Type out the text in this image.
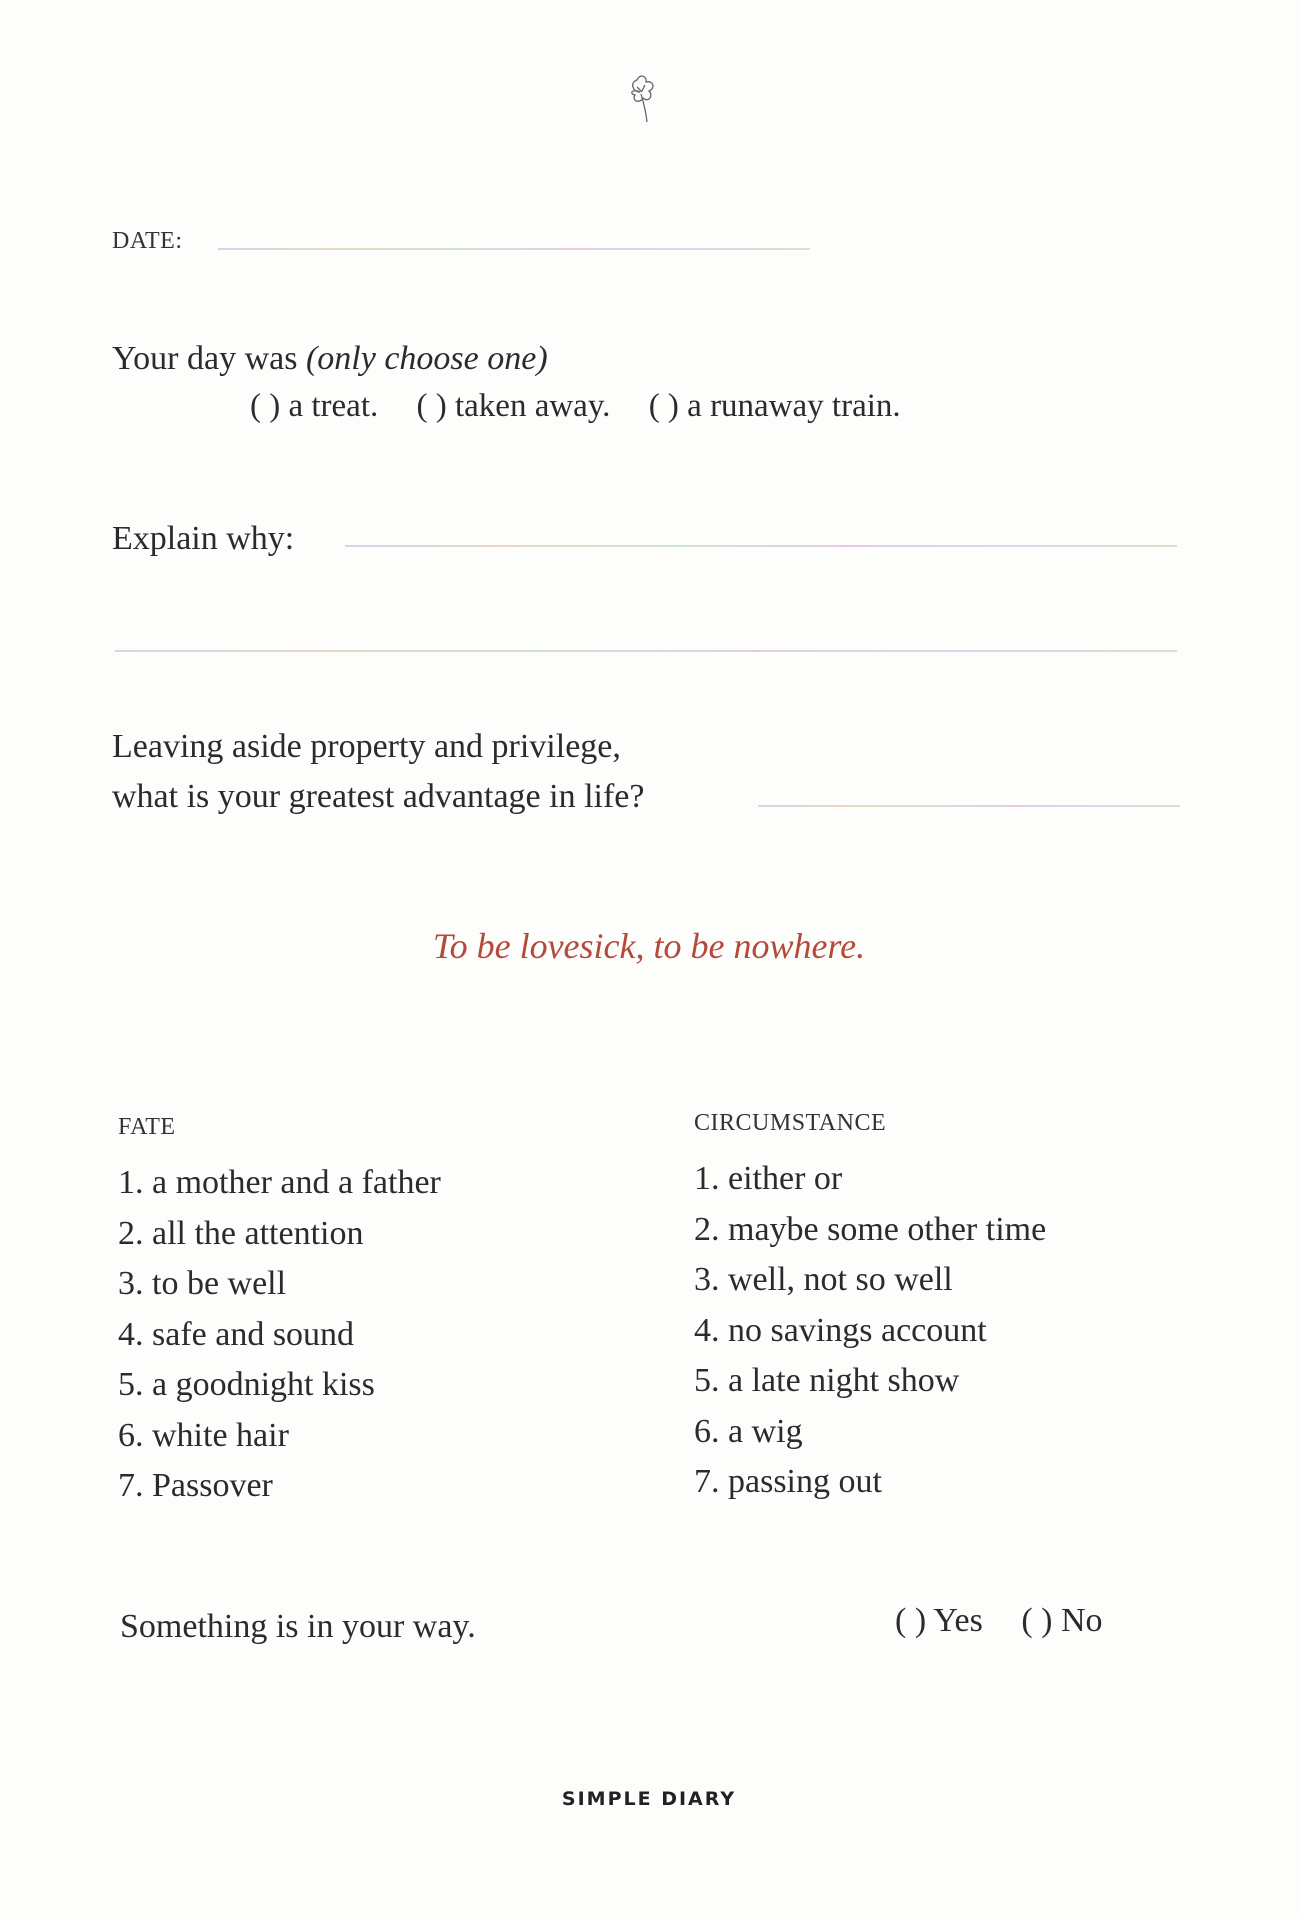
DATE:
Your day was (only choose one)
( ) a treat. ( ) taken away. ( ) a runaway train.
Explain why:
Leaving aside property and privilege,
what is your greatest advantage in life?
To be lovesick, to be nowhere.
FATE
1. a mother and a father
2. all the attention
3. to be well
4. safe and sound
5. a goodnight kiss
6. white hair
7. Passover
CIRCUMSTANCE
1. either or
2. maybe some other time
3. well, not so well
4. no savings account
5. a late night show
6. a wig
7. passing out
Something is in your way.	( ) Yes ( ) No
SIMPLE DIARY
